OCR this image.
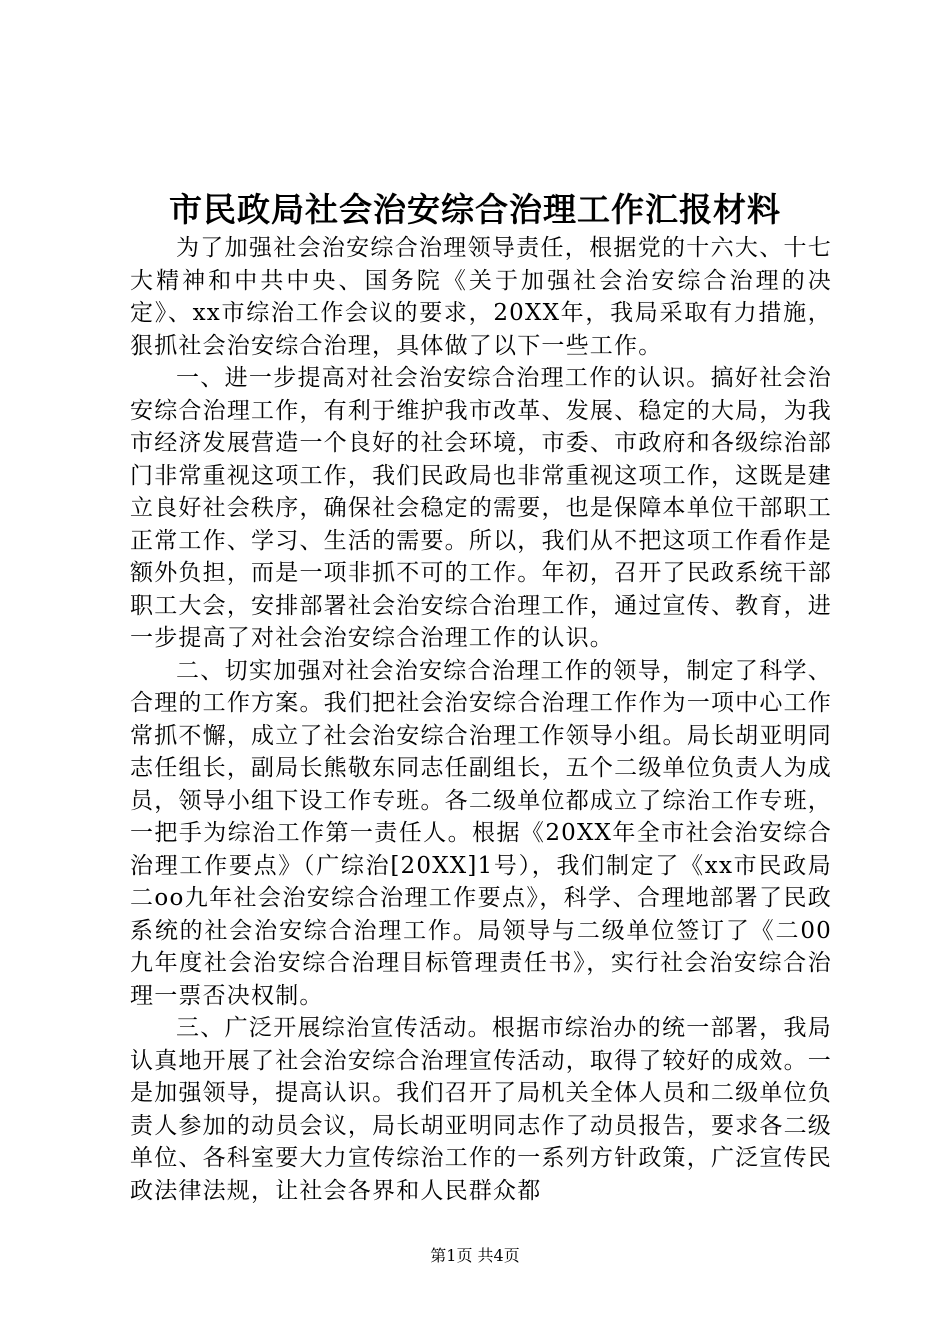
市民政局社会治安综合治理工作汇报材料

为了加强社会治安综合治理领导责任，根据党的十六大、十七大精神和中共中央、国务院《关于加强社会治安综合治理的决定》、xx市综治工作会议的要求，20XX年，我局采取有力措施，狠抓社会治安综合治理，具体做了以下一些工作。

一、进一步提高对社会治安综合治理工作的认识。搞好社会治安综合治理工作，有利于维护我市改革、发展、稳定的大局，为我市经济发展营造一个良好的社会环境，市委、市政府和各级综治部门非常重视这项工作，我们民政局也非常重视这项工作，这既是建立良好社会秩序，确保社会稳定的需要，也是保障本单位干部职工正常工作、学习、生活的需要。所以，我们从不把这项工作看作是额外负担，而是一项非抓不可的工作。年初，召开了民政系统干部职工大会，安排部署社会治安综合治理工作，通过宣传、教育，进一步提高了对社会治安综合治理工作的认识。

二、切实加强对社会治安综合治理工作的领导，制定了科学、合理的工作方案。我们把社会治安综合治理工作作为一项中心工作常抓不懈，成立了社会治安综合治理工作领导小组。局长胡亚明同志任组长，副局长熊敬东同志任副组长，五个二级单位负责人为成员，领导小组下设工作专班。各二级单位都成立了综治工作专班，一把手为综治工作第一责任人。根据《20XX年全市社会治安综合治理工作要点》（广综治[20XX]1号），我们制定了《xx市民政局二oo九年社会治安综合治理工作要点》，科学、合理地部署了民政系统的社会治安综合治理工作。局领导与二级单位签订了《二00九年度社会治安综合治理目标管理责任书》，实行社会治安综合治理一票否决权制。

三、广泛开展综治宣传活动。根据市综治办的统一部署，我局认真地开展了社会治安综合治理宣传活动，取得了较好的成效。一是加强领导，提高认识。我们召开了局机关全体人员和二级单位负责人参加的动员会议，局长胡亚明同志作了动员报告，要求各二级单位、各科室要大力宣传综治工作的一系列方针政策，广泛宣传民政法律法规，让社会各界和人民群众都

第1页 共4页
